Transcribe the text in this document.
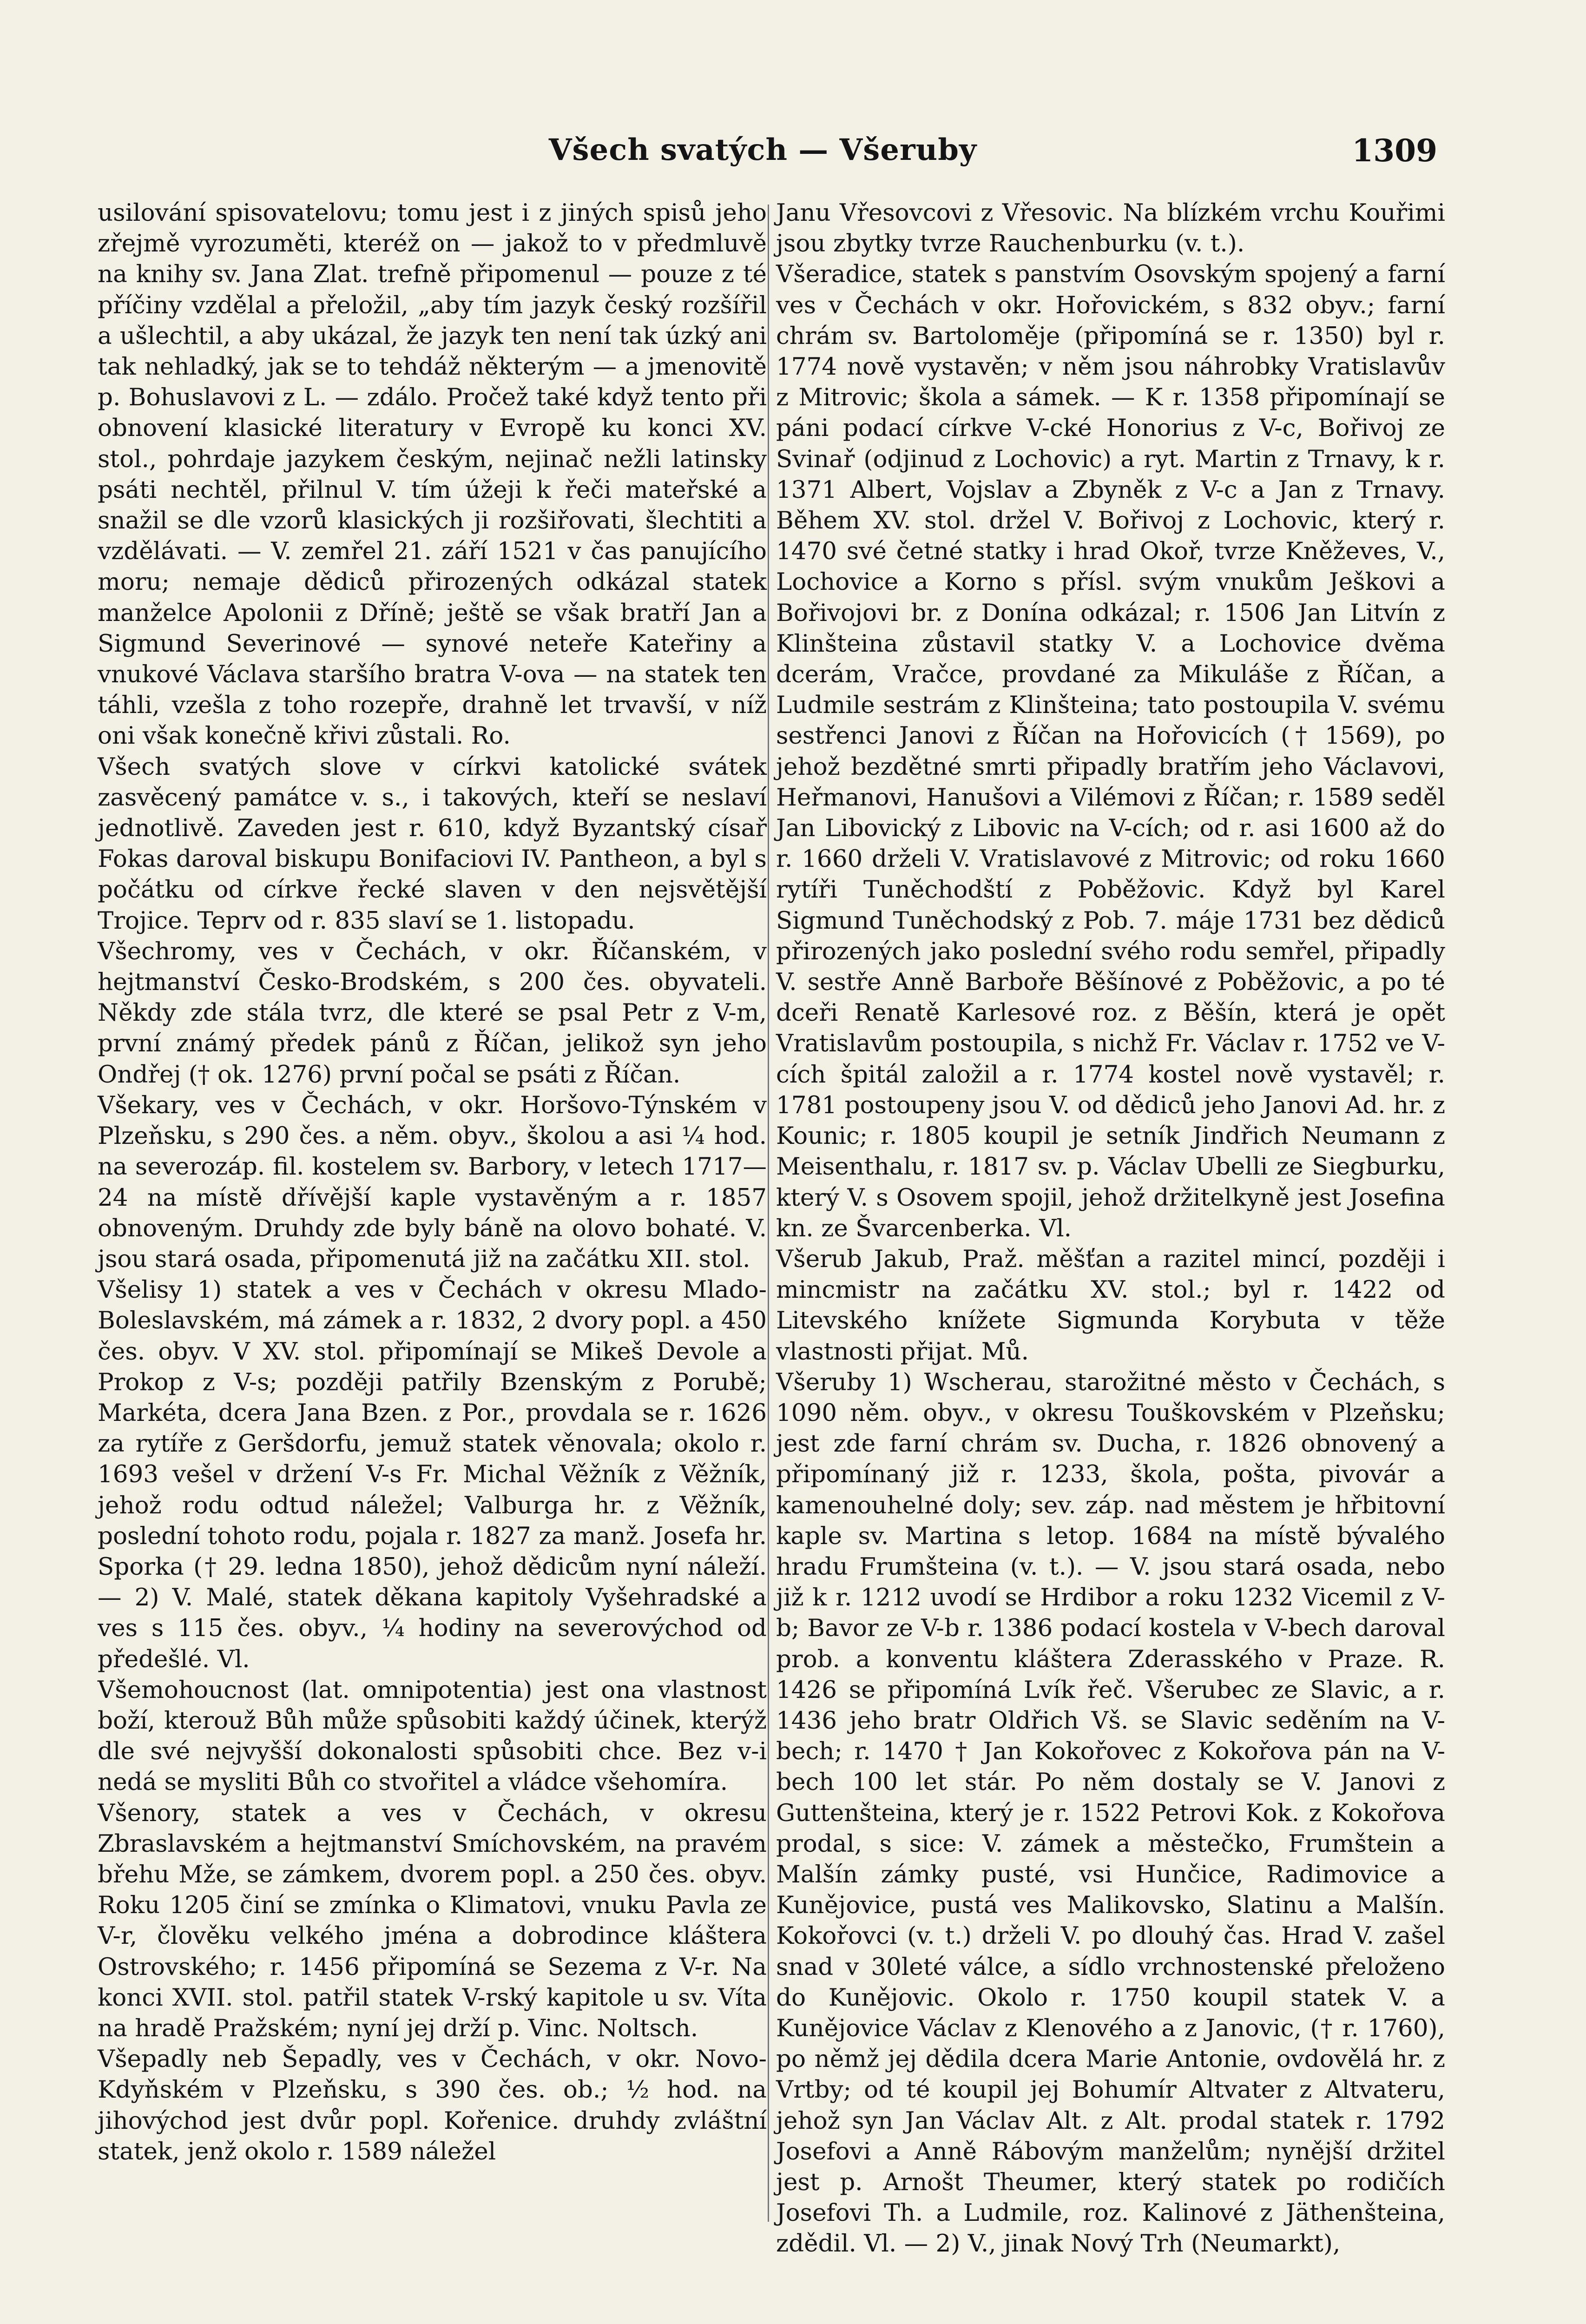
Všech svatých — Všeruby	1309

usilování spisovatelovu; tomu jest i z jiných spisů jeho zřejmě vyrozuměti, kteréž on — jakož to v předmluvě na knihy sv. Jana Zlat. trefně připomenul — pouze z té příčiny vzdělal a přeložil, „aby tím jazyk český rozšířil a ušlechtil, a aby ukázal, že jazyk ten není tak úzký ani tak nehladký, jak se to tehdáž některým — a jmenovitě p. Bohuslavovi z L. — zdálo. Pročež také když tento při obnovení klasické literatury v Evropě ku konci XV. stol., pohrdaje jazykem českým, nejinač nežli latinsky psáti nechtěl, přilnul V. tím úžeji k řeči mateřské a snažil se dle vzorů klasických ji rozšiřovati, šlechtiti a vzdělávati. — V. zemřel 21. září 1521 v čas panujícího moru; nemaje dědiců přirozených odkázal statek manželce Apolonii z Dříně; ještě se však bratří Jan a Sigmund Severinové — synové neteře Kateřiny a vnukové Václava staršího bratra V-ova — na statek ten táhli, vzešla z toho rozepře, drahně let trvavší, v níž oni však konečně křivi zůstali. Ro.

Všech svatých slove v církvi katolické svátek zasvěcený památce v. s., i takových, kteří se neslaví jednotlivě. Zaveden jest r. 610, když Byzantský císař Fokas daroval biskupu Bonifaciovi IV. Pantheon, a byl s počátku od církve řecké slaven v den nejsvětější Trojice. Teprv od r. 835 slaví se 1. listopadu.

Všechromy, ves v Čechách, v okr. Říčanském, v hejtmanství Česko-Brodském, s 200 čes. obyvateli. Někdy zde stála tvrz, dle které se psal Petr z V-m, první známý předek pánů z Říčan, jelikož syn jeho Ondřej († ok. 1276) první počal se psáti z Říčan.

Všekary, ves v Čechách, v okr. Horšovo-Týnském v Plzeňsku, s 290 čes. a něm. obyv., školou a asi ¼ hod. na severozáp. fil. kostelem sv. Barbory, v letech 1717—24 na místě dřívější kaple vystavěným a r. 1857 obnoveným. Druhdy zde byly báně na olovo bohaté. V. jsou stará osada, připomenutá již na začátku XII. stol.

Všelisy 1) statek a ves v Čechách v okresu Mlado-Boleslavském, má zámek a r. 1832, 2 dvory popl. a 450 čes. obyv. V XV. stol. připomínají se Mikeš Devole a Prokop z V-s; později patřily Bzenským z Porubě; Markéta, dcera Jana Bzen. z Por., provdala se r. 1626 za rytíře z Geršdorfu, jemuž statek věnovala; okolo r. 1693 vešel v držení V-s Fr. Michal Věžník z Věžník, jehož rodu odtud náležel; Valburga hr. z Věžník, poslední tohoto rodu, pojala r. 1827 za manž. Josefa hr. Sporka († 29. ledna 1850), jehož dědicům nyní náleží. — 2) V. Malé, statek děkana kapitoly Vyšehradské a ves s 115 čes. obyv., ¼ hodiny na severovýchod od předešlé. Vl.

Všemohoucnost (lat. omnipotentia) jest ona vlastnost boží, kterouž Bůh může spůsobiti každý účinek, kterýž dle své nejvyšší dokonalosti spůsobiti chce. Bez v-i nedá se mysliti Bůh co stvořitel a vládce všehomíra.

Všenory, statek a ves v Čechách, v okresu Zbraslavském a hejtmanství Smíchovském, na pravém břehu Mže, se zámkem, dvorem popl. a 250 čes. obyv. Roku 1205 činí se zmínka o Klimatovi, vnuku Pavla ze V-r, člověku velkého jména a dobrodince kláštera Ostrovského; r. 1456 připomíná se Sezema z V-r. Na konci XVII. stol. patřil statek V-rský kapitole u sv. Víta na hradě Pražském; nyní jej drží p. Vinc. Noltsch.

Všepadly neb Šepadly, ves v Čechách, v okr. Novo-Kdyňském v Plzeňsku, s 390 čes. ob.; ½ hod. na jihovýchod jest dvůr popl. Kořenice. druhdy zvláštní statek, jenž okolo r. 1589 náležel

Janu Vřesovcovi z Vřesovic. Na blízkém vrchu Kouřimi jsou zbytky tvrze Rauchenburku (v. t.).

Všeradice, statek s panstvím Osovským spojený a farní ves v Čechách v okr. Hořovickém, s 832 obyv.; farní chrám sv. Bartoloměje (připomíná se r. 1350) byl r. 1774 nově vystavěn; v něm jsou náhrobky Vratislavův z Mitrovic; škola a sámek. — K r. 1358 připomínají se páni podací církve V-cké Honorius z V-c, Bořivoj ze Svinař (odjinud z Lochovic) a ryt. Martin z Trnavy, k r. 1371 Albert, Vojslav a Zbyněk z V-c a Jan z Trnavy. Během XV. stol. držel V. Bořivoj z Lochovic, který r. 1470 své četné statky i hrad Okoř, tvrze Kněževes, V., Lochovice a Korno s přísl. svým vnukům Ješkovi a Bořivojovi br. z Donína odkázal; r. 1506 Jan Litvín z Klinšteina zůstavil statky V. a Lochovice dvěma dcerám, Vračce, provdané za Mikuláše z Říčan, a Ludmile sestrám z Klinšteina; tato postoupila V. svému sestřenci Janovi z Říčan na Hořovicích († 1569), po jehož bezdětné smrti připadly bratřím jeho Václavovi, Heřmanovi, Hanušovi a Vilémovi z Říčan; r. 1589 seděl Jan Libovický z Libovic na V-cích; od r. asi 1600 až do r. 1660 drželi V. Vratislavové z Mitrovic; od roku 1660 rytíři Tuněchodští z Poběžovic. Když byl Karel Sigmund Tuněchodský z Pob. 7. máje 1731 bez dědiců přirozených jako poslední svého rodu semřel, připadly V. sestře Anně Barboře Běšínové z Poběžovic, a po té dceři Renatě Karlesové roz. z Běšín, která je opět Vratislavům postoupila, s nichž Fr. Václav r. 1752 ve V-cích špitál založil a r. 1774 kostel nově vystavěl; r. 1781 postoupeny jsou V. od dědiců jeho Janovi Ad. hr. z Kounic; r. 1805 koupil je setník Jindřich Neumann z Meisenthalu, r. 1817 sv. p. Václav Ubelli ze Siegburku, který V. s Osovem spojil, jehož držitelkyně jest Josefina kn. ze Švarcenberka. Vl.

Všerub Jakub, Praž. měšťan a razitel mincí, později i mincmistr na začátku XV. stol.; byl r. 1422 od Litevského knížete Sigmunda Korybuta v těže vlastnosti přijat. Mů.

Všeruby 1) Wscherau, starožitné město v Čechách, s 1090 něm. obyv., v okresu Touškovském v Plzeňsku; jest zde farní chrám sv. Ducha, r. 1826 obnovený a připomínaný již r. 1233, škola, pošta, pivovár a kamenouhelné doly; sev. záp. nad městem je hřbitovní kaple sv. Martina s letop. 1684 na místě bývalého hradu Frumšteina (v. t.). — V. jsou stará osada, nebo již k r. 1212 uvodí se Hrdibor a roku 1232 Vicemil z V-b; Bavor ze V-b r. 1386 podací kostela v V-bech daroval prob. a konventu kláštera Zderasského v Praze. R. 1426 se připomíná Lvík řeč. Všerubec ze Slavic, a r. 1436 jeho bratr Oldřich Vš. se Slavic seděním na V-bech; r. 1470 † Jan Kokořovec z Kokořova pán na V-bech 100 let stár. Po něm dostaly se V. Janovi z Guttenšteina, který je r. 1522 Petrovi Kok. z Kokořova prodal, s sice: V. zámek a městečko, Frumštein a Malšín zámky pusté, vsi Hunčice, Radimovice a Kunějovice, pustá ves Malikovsko, Slatinu a Malšín. Kokořovci (v. t.) drželi V. po dlouhý čas. Hrad V. zašel snad v 30leté válce, a sídlo vrchnostenské přeloženo do Kunějovic. Okolo r. 1750 koupil statek V. a Kunějovice Václav z Klenového a z Janovic, († r. 1760), po němž jej dědila dcera Marie Antonie, ovdovělá hr. z Vrtby; od té koupil jej Bohumír Altvater z Altvateru, jehož syn Jan Václav Alt. z Alt. prodal statek r. 1792 Josefovi a Anně Rábovým manželům; nynější držitel jest p. Arnošt Theumer, který statek po rodičích Josefovi Th. a Ludmile, roz. Kalinové z Jäthenšteina, zdědil. Vl. — 2) V., jinak Nový Trh (Neumarkt),
